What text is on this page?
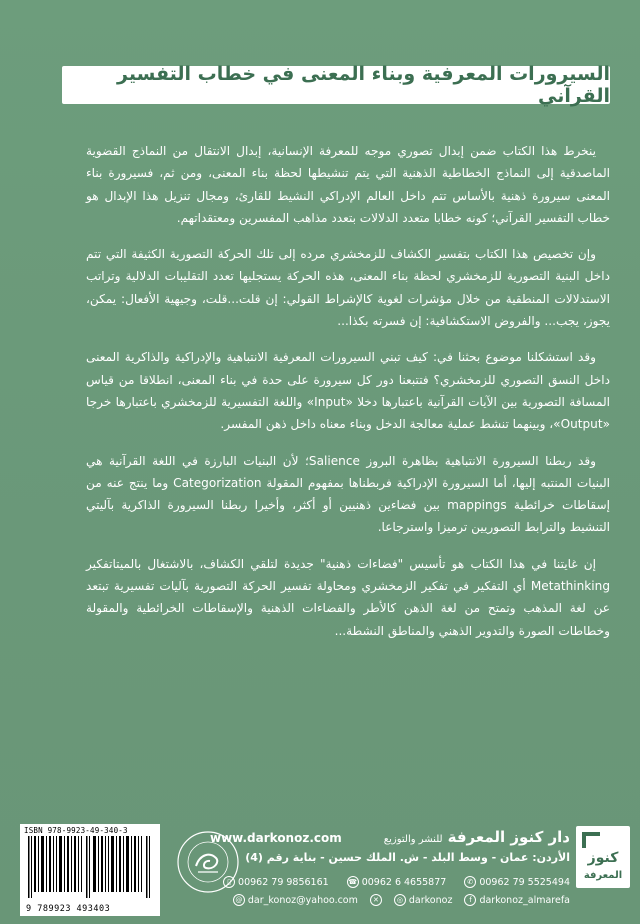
السيرورات المعرفية وبناء المعنى في خطاب التفسير القرآني

ينخرط هذا الكتاب ضمن إبدال تصوري موجه للمعرفة الإنسانية، إبدال الانتقال من النماذج القضوية الماصدقية إلى النماذج الخطاطية الذهنية التي يتم تنشيطها لحظة بناء المعنى، ومن ثم، فسيرورة بناء المعنى سيرورة ذهنية بالأساس تتم داخل العالم الإدراكي النشيط للقارئ، ومجال تنزيل هذا الإبدال هو خطاب التفسير القرآني؛ كونه خطابا متعدد الدلالات بتعدد مذاهب المفسرين ومعتقداتهم.

وإن تخصيص هذا الكتاب بتفسير الكشاف للزمخشري مرده إلى تلك الحركة التصورية الكثيفة التي تتم داخل البنية التصورية للزمخشري لحظة بناء المعنى، هذه الحركة يستجليها تعدد التقليبات الدلالية وتراتب الاستدلالات المنطقية من خلال مؤشرات لغوية كالإشراط القولي: إن قلت...قلت، وجيهية الأفعال: يمكن، يجوز، يجب... والفروض الاستكشافية: إن فسرته بكذا...

وقد استشكلنا موضوع بحثنا في: كيف تبني السيرورات المعرفية الانتباهية والإدراكية والذاكرية المعنى داخل النسق التصوري للزمخشري؟ فتتبعنا دور كل سيرورة على حدة في بناء المعنى، انطلاقا من قياس المسافة التصورية بين الآيات القرآنية باعتبارها دخلا «Input» واللغة التفسيرية للزمخشري باعتبارها خرجا «Output»، وبينهما تنشط عملية معالجة الدخل وبناء معناه داخل ذهن المفسر.

وقد ربطنا السيرورة الانتباهية بظاهرة البروز Salience؛ لأن البنيات البارزة في اللغة القرآنية هي البنيات المنتبه إليها، أما السيرورة الإدراكية فربطناها بمفهوم المقولة Categorization وما ينتج عنه من إسقاطات خرائطية mappings بين فضاءين ذهنيين أو أكثر، وأخيرا ربطنا السيرورة الذاكرية بآليتي التنشيط والترابط التصوريين ترميزا واسترجاعا.

إن غايتنا في هذا الكتاب هو تأسيس "فضاءات ذهنية" جديدة لتلقي الكشاف، بالاشتغال بالميتاتفكير Metathinking أي التفكير في تفكير الزمخشري ومحاولة تفسير الحركة التصورية بآليات تفسيرية تبتعد عن لغة المذهب وتمتح من لغة الذهن كالأطر والفضاءات الذهنية والإسقاطات الخرائطية والمقولة وخطاطات الصورة والتدوير الذهني والمناطق النشطة...

ISBN 978-9923-49-340-3
9 789923 493403
دار كنوز المعرفة للنشر والتوزيع
www.darkonoz.com
الأردن: عمان - وسط البلد - ش. الملك حسين - بناية رقم (4)
✆ 00962 79 5525494
☎ 00962 6 4655877
▯ 00962 79 9856161
f darkonoz_almarefa
◎ darkonoz
✕
@ dar_konoz@yahoo.com
كنوز
المعرفة
